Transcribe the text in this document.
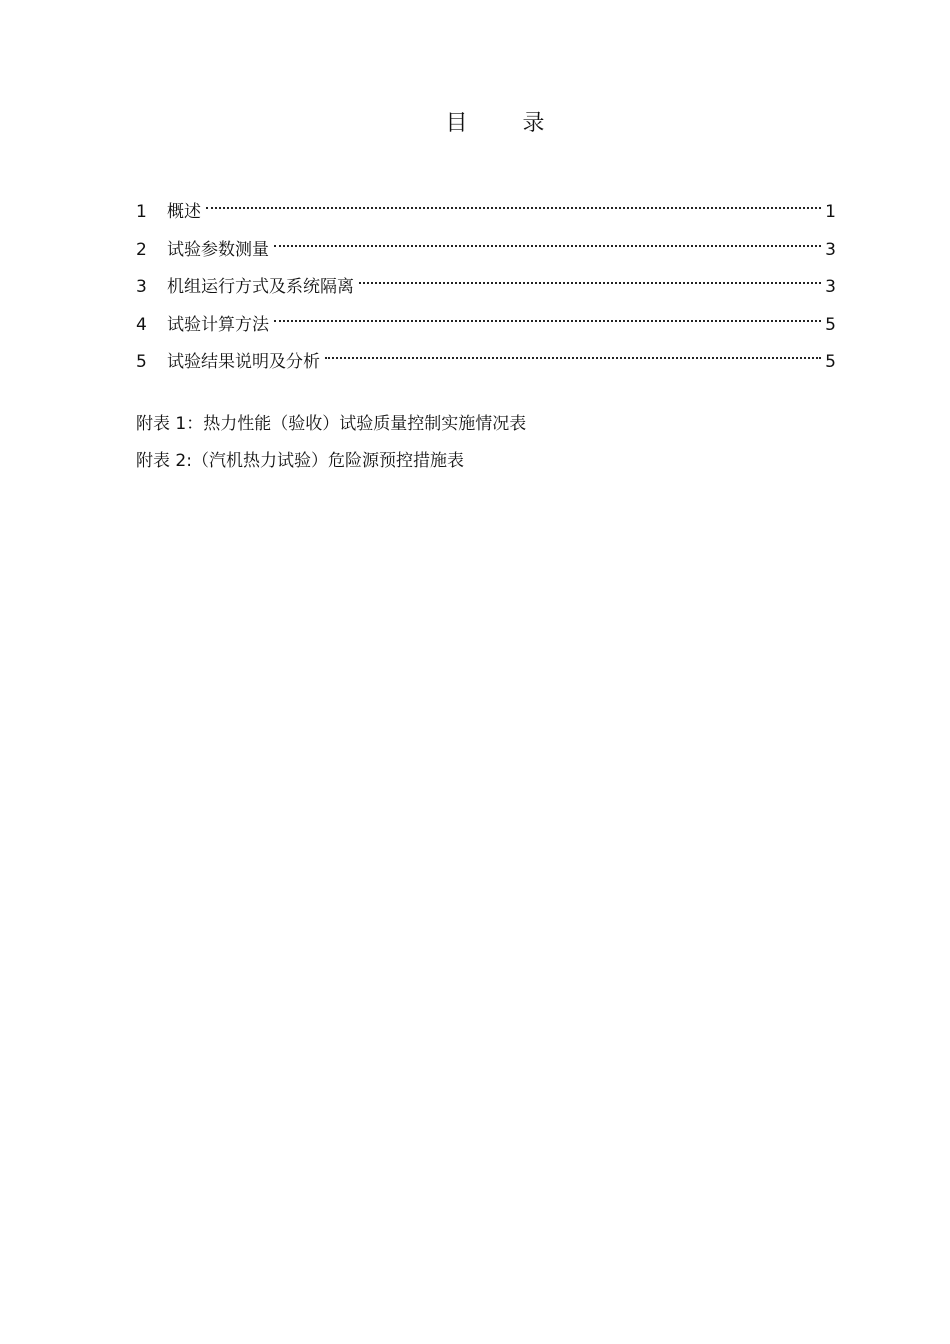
目 录
1	概述	1
2	试验参数测量	3
3	机组运行方式及系统隔离	3
4	试验计算方法	5
5	试验结果说明及分析	5
附表 1：热力性能（验收）试验质量控制实施情况表
附表 2:（汽机热力试验）危险源预控措施表
